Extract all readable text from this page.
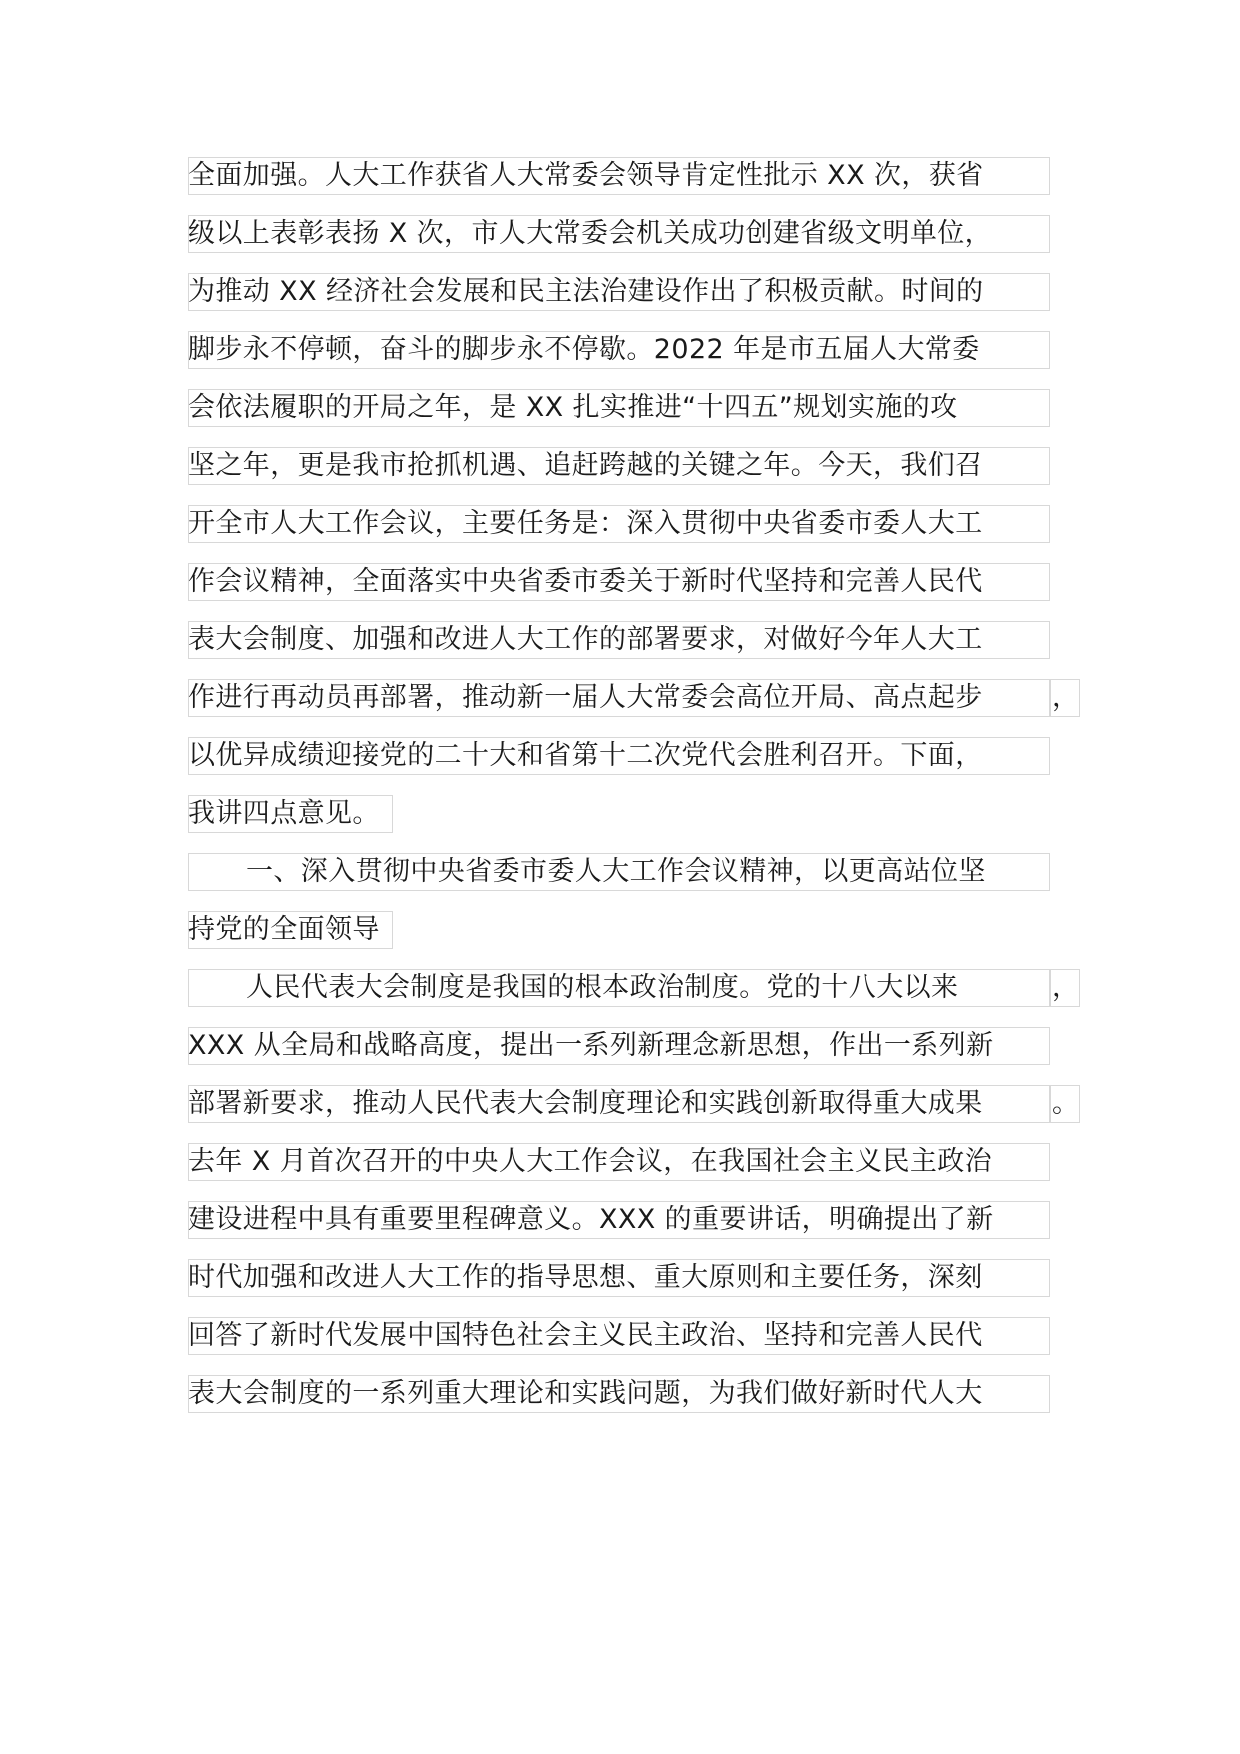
全面加强。人大工作获省人大常委会领导肯定性批示 XX 次，获省
级以上表彰表扬 X 次，市人大常委会机关成功创建省级文明单位，
为推动 XX 经济社会发展和民主法治建设作出了积极贡献。时间的
脚步永不停顿，奋斗的脚步永不停歇。2022 年是市五届人大常委
会依法履职的开局之年，是 XX 扎实推进“十四五”规划实施的攻
坚之年，更是我市抢抓机遇、追赶跨越的关键之年。今天，我们召
开全市人大工作会议，主要任务是：深入贯彻中央省委市委人大工
作会议精神，全面落实中央省委市委关于新时代坚持和完善人民代
表大会制度、加强和改进人大工作的部署要求，对做好今年人大工
作进行再动员再部署，推动新一届人大常委会高位开局、高点起步
以优异成绩迎接党的二十大和省第十二次党代会胜利召开。下面，
我讲四点意见。
一、深入贯彻中央省委市委人大工作会议精神，以更高站位坚
持党的全面领导
人民代表大会制度是我国的根本政治制度。党的十八大以来
XXX 从全局和战略高度，提出一系列新理念新思想，作出一系列新
部署新要求，推动人民代表大会制度理论和实践创新取得重大成果
去年 X 月首次召开的中央人大工作会议，在我国社会主义民主政治
建设进程中具有重要里程碑意义。XXX 的重要讲话，明确提出了新
时代加强和改进人大工作的指导思想、重大原则和主要任务，深刻
回答了新时代发展中国特色社会主义民主政治、坚持和完善人民代
表大会制度的一系列重大理论和实践问题，为我们做好新时代人大
，
，
。
